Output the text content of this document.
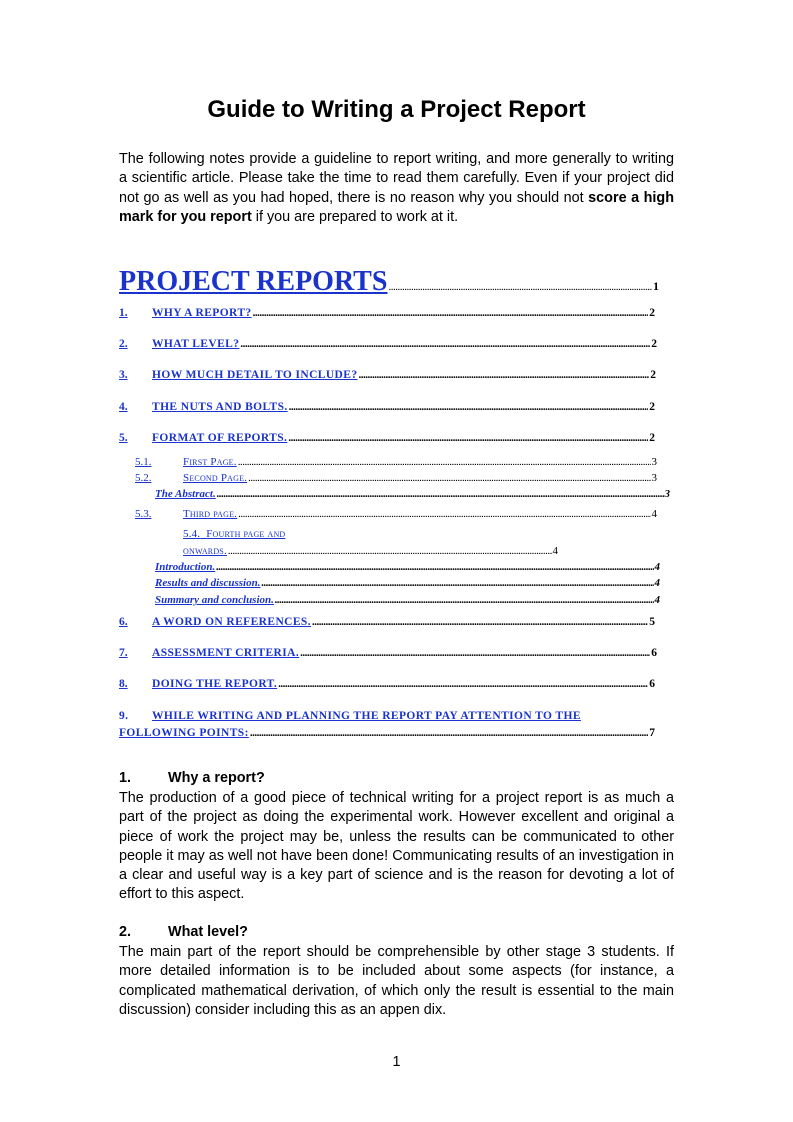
Guide to Writing a Project Report

The following notes provide a guideline to report writing, and more generally to writing a scientific article. Please take the time to read them carefully. Even if your project did not go as well as you had hoped, there is no reason why you should not score a high mark for you report if you are prepared to work at it.

PROJECT REPORTS .....	1
1.	WHY A REPORT? .....	2
2.	WHAT LEVEL? .....	2
3.	HOW MUCH DETAIL TO INCLUDE? .....	2
4.	THE NUTS AND BOLTS. .....	2
5.	FORMAT OF REPORTS. .....	2
5.1.	First Page. .....	3
5.2.	Second Page. .....	3
The Abstract. .....	3
5.3.	Third page. .....	4
5.4. Fourth page and
onwards. .....	4
Introduction. .....	4
Results and discussion. .....	4
Summary and conclusion. .....	4
6.	A WORD ON REFERENCES. .....	5
7.	ASSESSMENT CRITERIA. .....	6
8.	DOING THE REPORT. .....	6
9. WHILE WRITING AND PLANNING THE REPORT PAY ATTENTION TO THE
FOLLOWING POINTS: .....	7
1.	Why a report?

The production of a good piece of technical writing for a project report is as much a part of the project as doing the experimental work. However excellent and original a piece of work the project may be, unless the results can be communicated to other people it may as well not have been done! Communicating results of an investigation in a clear and useful way is a key part of science and is the reason for devoting a lot of effort to this aspect.

2.	What level?

The main part of the report should be comprehensible by other stage 3 students. If more detailed information is to be included about some aspects (for instance, a complicated mathematical derivation, of which only the result is essential to the main discussion) consider including this as an appen dix.

1
